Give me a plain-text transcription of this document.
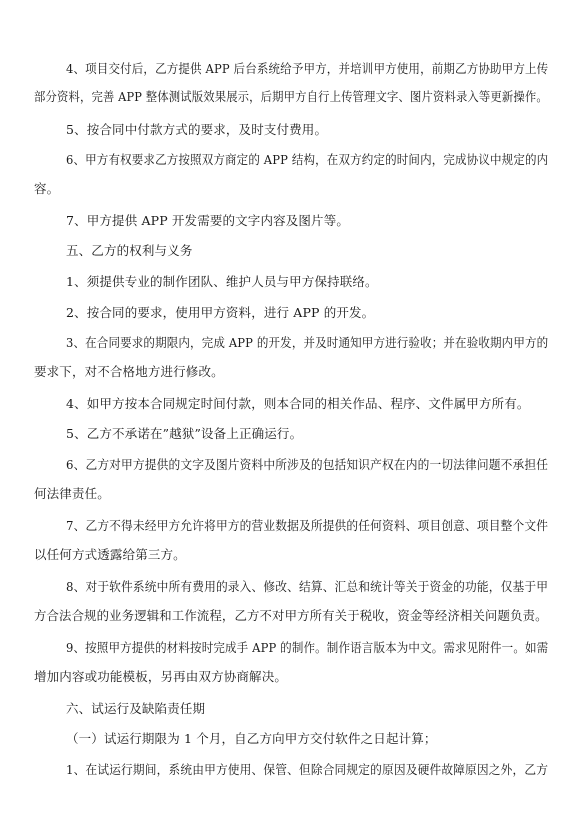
4、项目交付后，乙方提供 APP 后台系统给予甲方，并培训甲方使用，前期乙方协助甲方上传
部分资料，完善 APP 整体测试版效果展示，后期甲方自行上传管理文字、图片资料录入等更新操作。
5、按合同中付款方式的要求，及时支付费用。
6、甲方有权要求乙方按照双方商定的 APP 结构，在双方约定的时间内，完成协议中规定的内
容。
7、甲方提供 APP 开发需要的文字内容及图片等。
五、乙方的权利与义务
1、须提供专业的制作团队、维护人员与甲方保持联络。
2、按合同的要求，使用甲方资料，进行 APP 的开发。
3、在合同要求的期限内，完成 APP 的开发，并及时通知甲方进行验收；并在验收期内甲方的
要求下，对不合格地方进行修改。
4、如甲方按本合同规定时间付款，则本合同的相关作品、程序、文件属甲方所有。
5、乙方不承诺在”越狱”设备上正确运行。
6、乙方对甲方提供的文字及图片资料中所涉及的包括知识产权在内的一切法律问题不承担任
何法律责任。
7、乙方不得未经甲方允许将甲方的营业数据及所提供的任何资料、项目创意、项目整个文件
以任何方式透露给第三方。
8、对于软件系统中所有费用的录入、修改、结算、汇总和统计等关于资金的功能，仅基于甲
方合法合规的业务逻辑和工作流程，乙方不对甲方所有关于税收，资金等经济相关问题负责。
9、按照甲方提供的材料按时完成手 APP 的制作。制作语言版本为中文。需求见附件一。如需
增加内容或功能模板，另再由双方协商解决。
六、试运行及缺陷责任期
（一）试运行期限为 1 个月，自乙方向甲方交付软件之日起计算；
1、在试运行期间，系统由甲方使用、保管、但除合同规定的原因及硬件故障原因之外，乙方
